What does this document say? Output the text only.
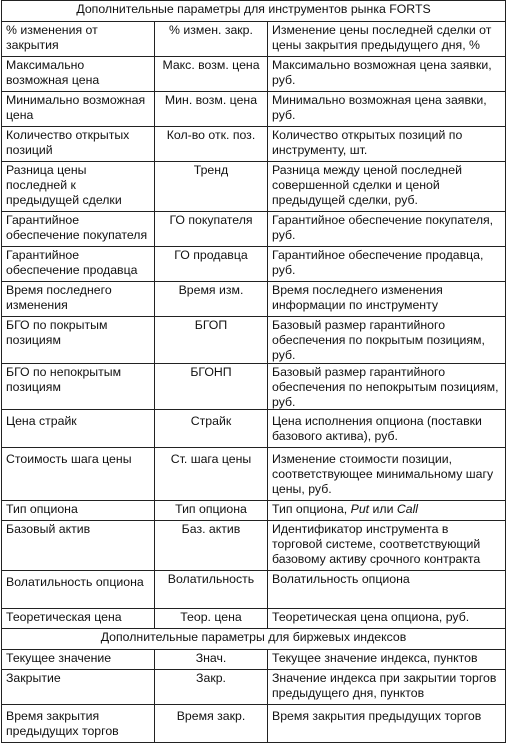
Дополнительные параметры для инструментов рынка FORTS		
% изменения от закрытия	% измен. закр.	Изменение цены последней сделки от цены закрытия предыдущего дня, %
Максимально возможная цена	Макс. возм. цена	Максимально возможная цена заявки, руб.
Минимально возможная цена	Мин. возм. цена	Минимально возможная цена заявки, руб.
Количество открытых позиций	Кол-во отк. поз.	Количество открытых позиций по инструменту, шт.
Разница цены последней к предыдущей сделки	Тренд	Разница между ценой последней совершенной сделки и ценой предыдущей сделки, руб.
Гарантийное обеспечение покупателя	ГО покупателя	Гарантийное обеспечение покупателя, руб.
Гарантийное обеспечение продавца	ГО продавца	Гарантийное обеспечение продавца, руб.
Время последнего изменения	Время изм.	Время последнего изменения информации по инструменту
БГО по покрытым позициям	БГОП	Базовый размер гарантийного обеспечения по покрытым позициям, руб.
БГО по непокрытым позициям	БГОНП	Базовый размер гарантийного обеспечения по непокрытым позициям, руб.
Цена страйк	Страйк	Цена исполнения опциона (поставки базового актива), руб.
Стоимость шага цены	Ст. шага цены	Изменение стоимости позиции, соответствующее минимальному шагу цены, руб.
Тип опциона	Тип опциона	Тип опциона, Put или Call
Базовый актив	Баз. актив	Идентификатор инструмента в торговой системе, соответствующий базовому активу срочного контракта
Волатильность опциона	Волатильность	Волатильность опциона
Теоретическая цена	Теор. цена	Теоретическая цена опциона, руб.
Дополнительные параметры для биржевых индексов		
Текущее значение	Знач.	Текущее значение индекса, пунктов
Закрытие	Закр.	Значение индекса при закрытии торгов предыдущего дня, пунктов
Время закрытия предыдущих торгов	Время закр.	Время закрытия предыдущих торгов
